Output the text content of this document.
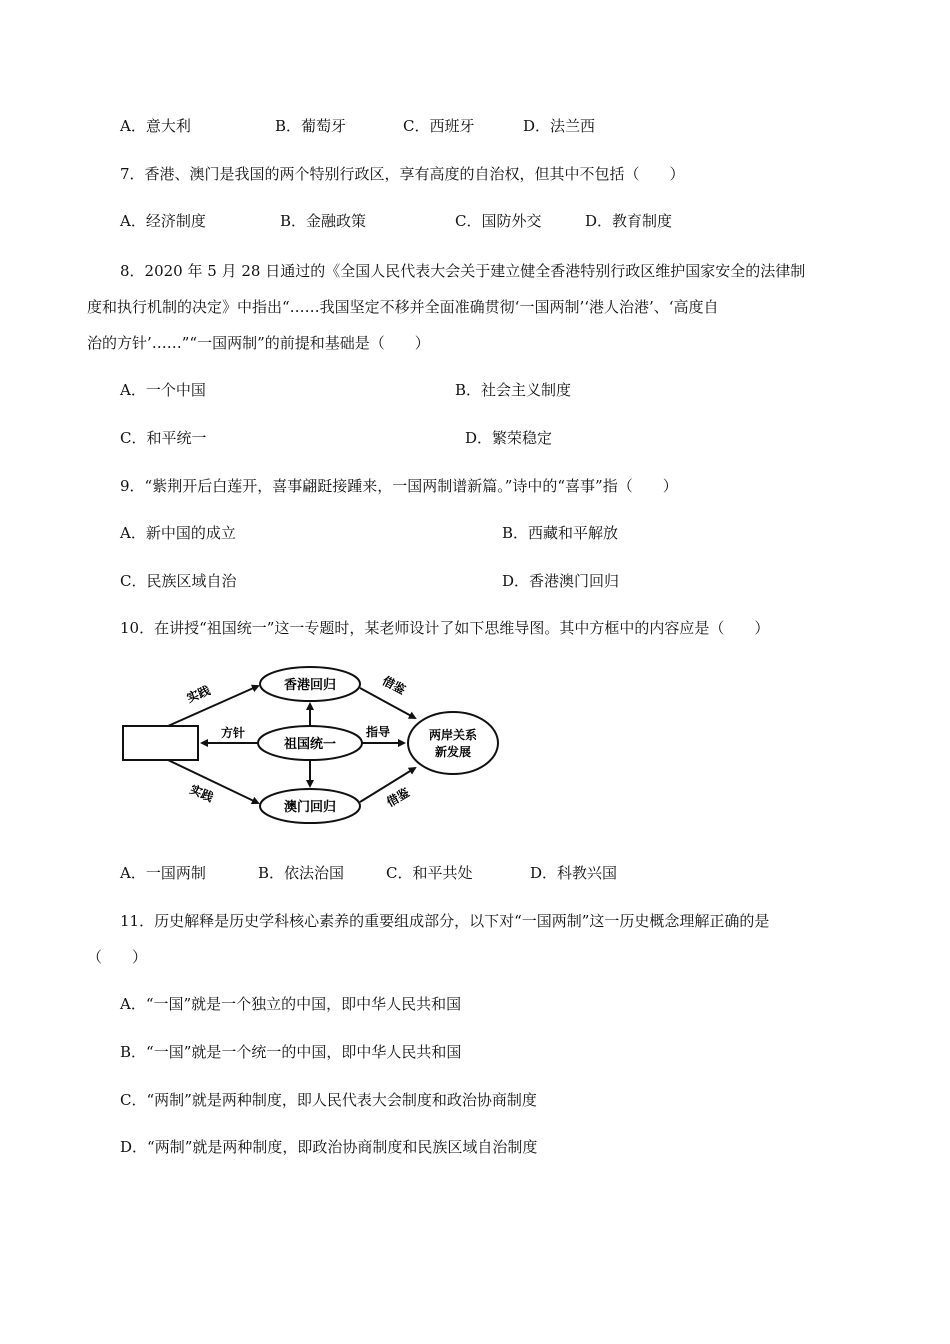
A．意大利	B．葡萄牙	C．西班牙	D．法兰西
7．香港、澳门是我国的两个特别行政区，享有高度的自治权，但其中不包括（　　）
A．经济制度	B．金融政策	C．国防外交	D．教育制度
8．2020 年 5 月 28 日通过的《全国人民代表大会关于建立健全香港特别行政区维护国家安全的法律制
度和执行机制的决定》中指出“……我国坚定不移并全面准确贯彻‘一国两制’‘港人治港’、‘高度自
治的方针’……”“一国两制”的前提和基础是（　　）
A．一个中国	B．社会主义制度
C．和平统一	D．繁荣稳定
9．“紫荆开后白莲开，喜事翩跹接踵来，一国两制谱新篇。”诗中的“喜事”指（　　）
A．新中国的成立	B．西藏和平解放
C．民族区域自治	D．香港澳门回归
10．在讲授“祖国统一”这一专题时，某老师设计了如下思维导图。其中方框中的内容应是（　　）
香港回归
祖国统一
澳门回归
两岸关系
新发展
方针	指导
实践
实践
借鉴
借鉴
A．一国两制	B．依法治国	C．和平共处	D．科教兴国
11．历史解释是历史学科核心素养的重要组成部分，以下对“一国两制”这一历史概念理解正确的是
（　　）
A．“一国”就是一个独立的中国，即中华人民共和国
B．“一国”就是一个统一的中国，即中华人民共和国
C．“两制”就是两种制度，即人民代表大会制度和政治协商制度
D．“两制”就是两种制度，即政治协商制度和民族区域自治制度
